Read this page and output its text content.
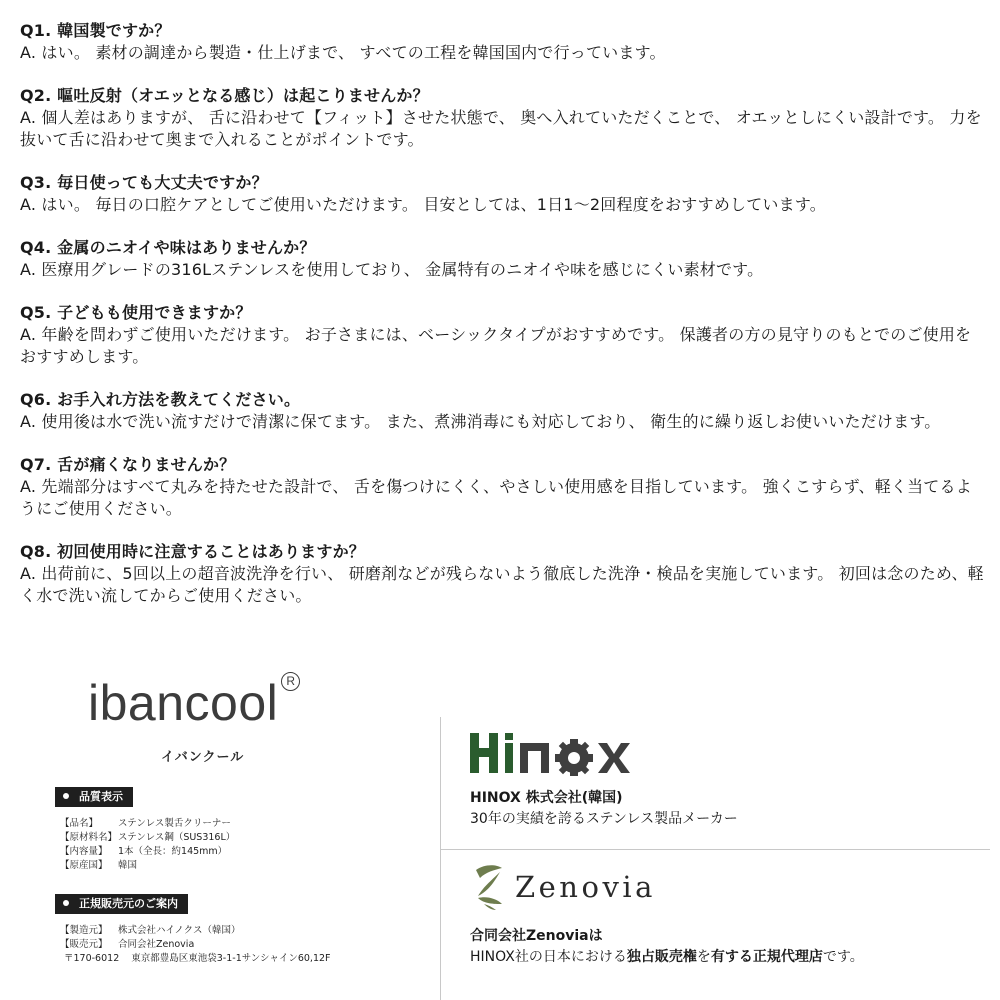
Q1. 韓国製ですか？
A. はい。 素材の調達から製造・仕上げまで、 すべての工程を韓国国内で行っています。
Q2. 嘔吐反射（オエッとなる感じ）は起こりませんか？
A. 個人差はありますが、 舌に沿わせて【フィット】させた状態で、 奥へ入れていただくことで、 オエッとしにくい設計です。 力を抜いて舌に沿わせて奥まで入れることがポイントです。
Q3. 毎日使っても大丈夫ですか？
A. はい。 毎日の口腔ケアとしてご使用いただけます。 目安としては、1日1〜2回程度をおすすめしています。
Q4. 金属のニオイや味はありませんか？
A. 医療用グレードの316Lステンレスを使用しており、 金属特有のニオイや味を感じにくい素材です。
Q5. 子どもも使用できますか？
A. 年齢を問わずご使用いただけます。 お子さまには、ベーシックタイプがおすすめです。 保護者の方の見守りのもとでのご使用をおすすめします。
Q6. お手入れ方法を教えてください。
A. 使用後は水で洗い流すだけで清潔に保てます。 また、煮沸消毒にも対応しており、 衛生的に繰り返しお使いいただけます。
Q7. 舌が痛くなりませんか？
A. 先端部分はすべて丸みを持たせた設計で、 舌を傷つけにくく、やさしい使用感を目指しています。 強くこすらず、軽く当てるようにご使用ください。
Q8. 初回使用時に注意することはありますか？
A. 出荷前に、5回以上の超音波洗浄を行い、 研磨剤などが残らないよう徹底した洗浄・検品を実施しています。 初回は念のため、軽く水で洗い流してからご使用ください。
ibancool R
イバンクール
品質表示
【品名】 ステンレス製舌クリーナー
【原材料名】ステンレス鋼（SUS316L）
【内容量】 1本（全長：約145mm）
【原産国】 韓国
正規販売元のご案内
【製造元】 株式会社ハイノクス（韓国）
【販売元】 合同会社Zenovia
〒170-6012 東京都豊島区東池袋3-1-1サンシャイン60,12F
HINOX 株式会社(韓国)
30年の実績を誇るステンレス製品メーカー
Zenovia
合同会社Zenoviaは
HINOX社の日本における独占販売権を有する正規代理店です。
